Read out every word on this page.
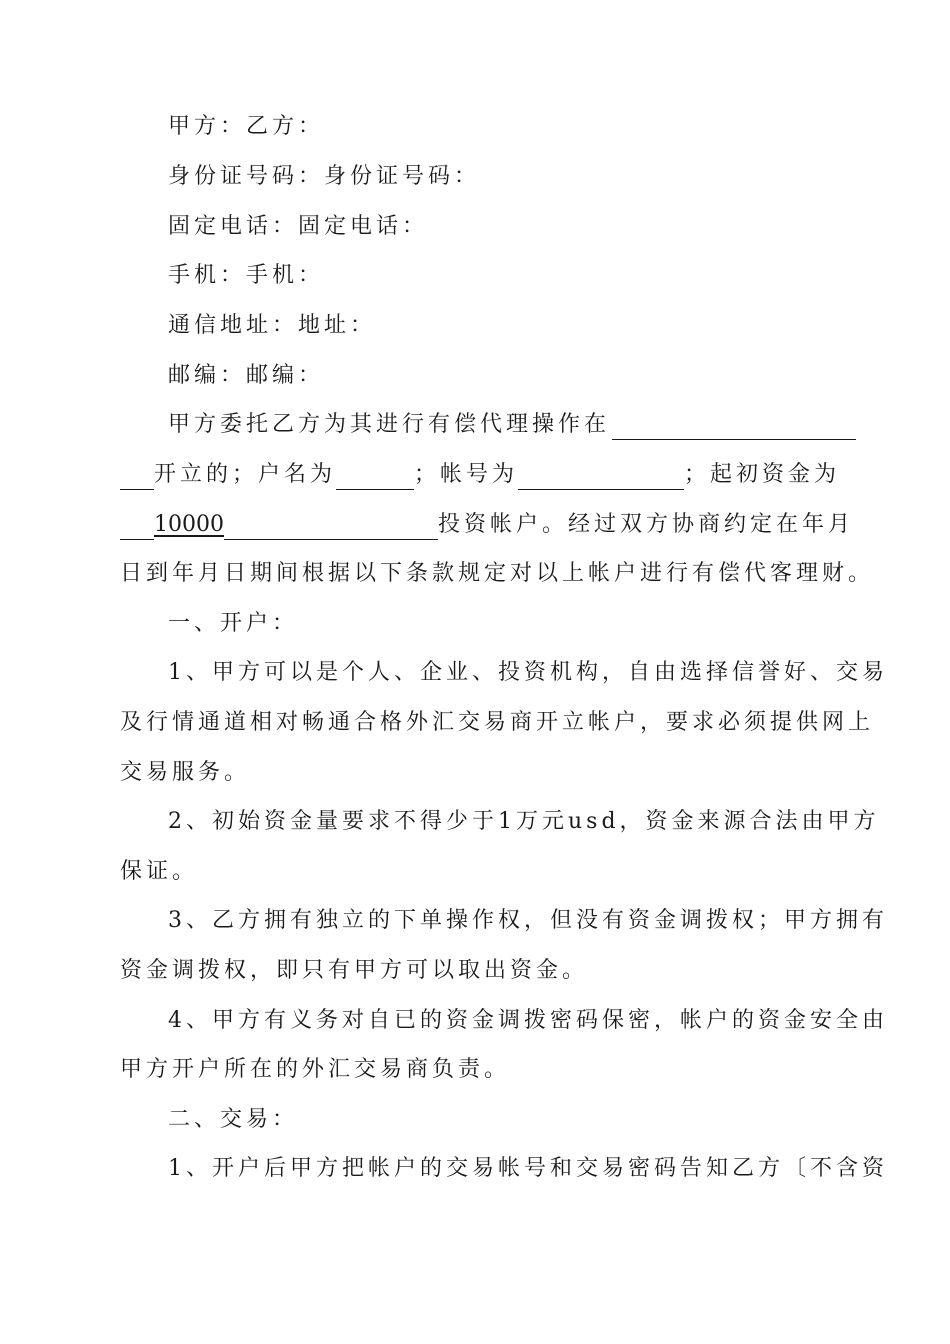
甲方：乙方：
身份证号码：身份证号码：
固定电话：固定电话：
手机：手机：
通信地址：地址：
邮编：邮编：
甲方委托乙方为其进行有偿代理操作在
开立的；户名为	；帐号为	；起初资金为
10000	投资帐户。经过双方协商约定在年月
日到年月日期间根据以下条款规定对以上帐户进行有偿代客理财。
一、开户：
1、甲方可以是个人、企业、投资机构，自由选择信誉好、交易
及行情通道相对畅通合格外汇交易商开立帐户，要求必须提供网上
交易服务。
2、初始资金量要求不得少于1万元usd，资金来源合法由甲方
保证。
3、乙方拥有独立的下单操作权，但没有资金调拨权；甲方拥有
资金调拨权，即只有甲方可以取出资金。
4、甲方有义务对自已的资金调拨密码保密，帐户的资金安全由
甲方开户所在的外汇交易商负责。
二、交易：
1、开户后甲方把帐户的交易帐号和交易密码告知乙方〔不含资
